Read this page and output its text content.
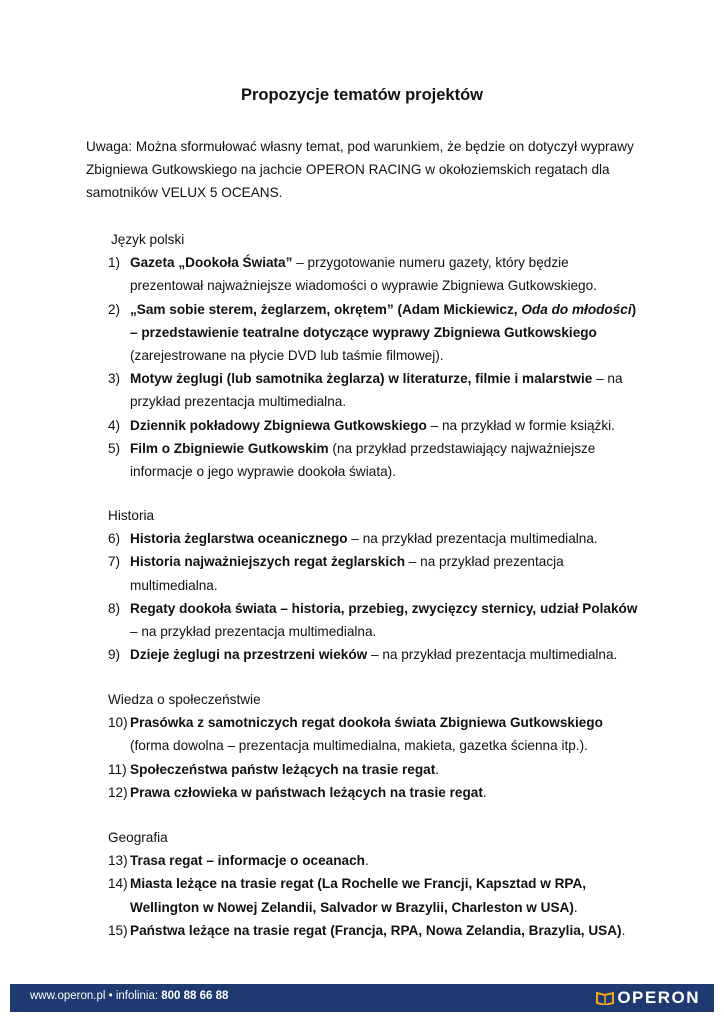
Propozycje tematów projektów

Uwaga: Można sformułować własny temat, pod warunkiem, że będzie on dotyczył wyprawy Zbigniewa Gutkowskiego na jachcie OPERON RACING w okołoziemskich regatach dla samotników VELUX 5 OCEANS.

Język polski

1) Gazeta „Dookoła Świata” – przygotowanie numeru gazety, który będzie prezentował najważniejsze wiadomości o wyprawie Zbigniewa Gutkowskiego.
2) „Sam sobie sterem, żeglarzem, okrętem” (Adam Mickiewicz, Oda do młodości) – przedstawienie teatralne dotyczące wyprawy Zbigniewa Gutkowskiego (zarejestrowane na płycie DVD lub taśmie filmowej).
3) Motyw żeglugi (lub samotnika żeglarza) w literaturze, filmie i malarstwie – na przykład prezentacja multimedialna.
4) Dziennik pokładowy Zbigniewa Gutkowskiego – na przykład w formie książki.
5) Film o Zbigniewie Gutkowskim (na przykład przedstawiający najważniejsze informacje o jego wyprawie dookoła świata).

Historia

6) Historia żeglarstwa oceanicznego – na przykład prezentacja multimedialna.
7) Historia najważniejszych regat żeglarskich – na przykład prezentacja multimedialna.
8) Regaty dookoła świata – historia, przebieg, zwycięzcy sternicy, udział Polaków – na przykład prezentacja multimedialna.
9) Dzieje żeglugi na przestrzeni wieków – na przykład prezentacja multimedialna.

Wiedza o społeczeństwie

10) Prasówka z samotniczych regat dookoła świata Zbigniewa Gutkowskiego (forma dowolna – prezentacja multimedialna, makieta, gazetka ścienna itp.).
11) Społeczeństwa państw leżących na trasie regat.
12) Prawa człowieka w państwach leżących na trasie regat.

Geografia

13) Trasa regat – informacje o oceanach.
14) Miasta leżące na trasie regat (La Rochelle we Francji, Kapsztad w RPA, Wellington w Nowej Zelandii, Salvador w Brazylii, Charleston w USA).
15) Państwa leżące na trasie regat (Francja, RPA, Nowa Zelandia, Brazylia, USA).
www.operon.pl • infolinia: 800 88 66 88	OPERON
